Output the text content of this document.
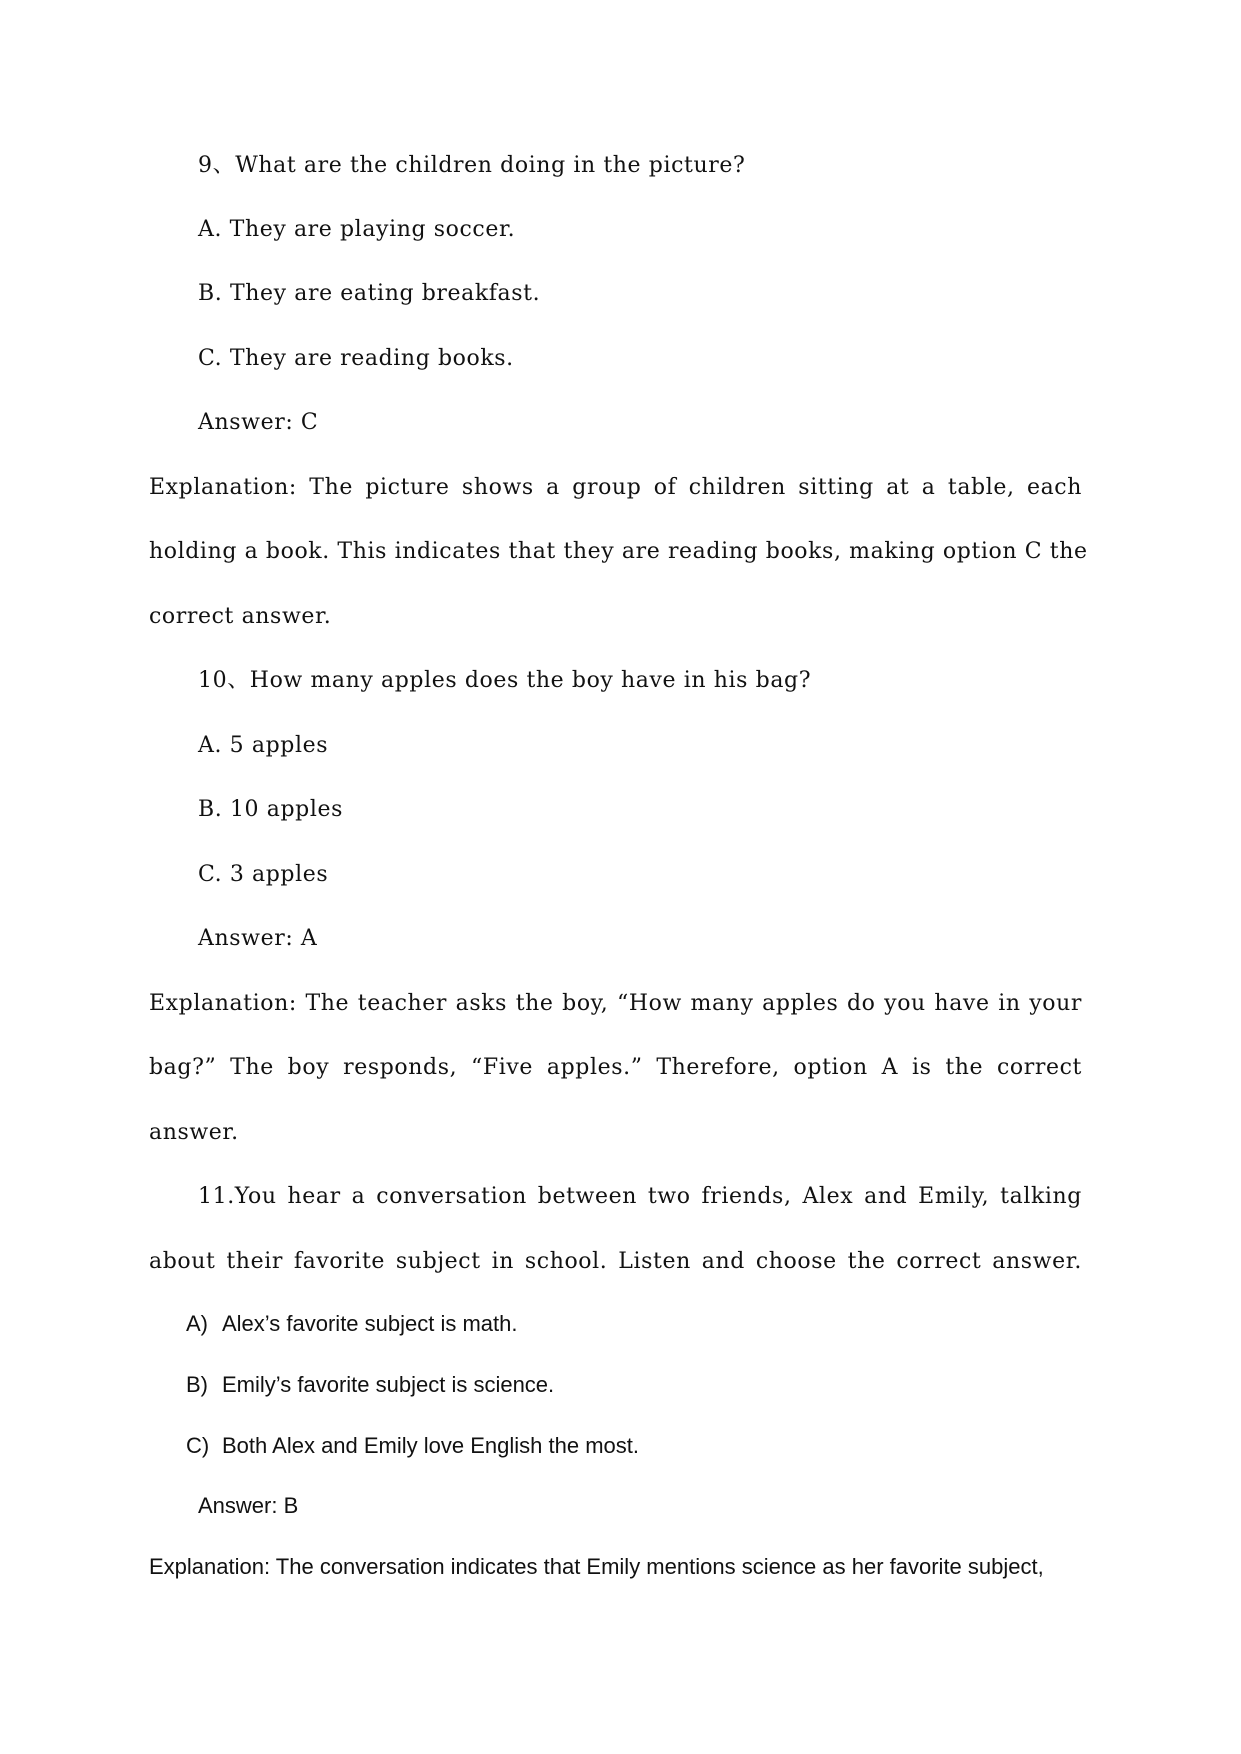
9、What are the children doing in the picture?
A. They are playing soccer.
B. They are eating breakfast.
C. They are reading books.
Answer: C
Explanation: The picture shows a group of children sitting at a table, each
holding a book. This indicates that they are reading books, making option C the
correct answer.
10、How many apples does the boy have in his bag?
A. 5 apples
B. 10 apples
C. 3 apples
Answer: A
Explanation: The teacher asks the boy, “How many apples do you have in your
bag?” The boy responds, “Five apples.” Therefore, option A is the correct
answer.
11.You hear a conversation between two friends, Alex and Emily, talking
about their favorite subject in school. Listen and choose the correct answer.
A) Alex’s favorite subject is math.
B) Emily’s favorite subject is science.
C) Both Alex and Emily love English the most.
Answer: B
Explanation: The conversation indicates that Emily mentions science as her favorite subject,
